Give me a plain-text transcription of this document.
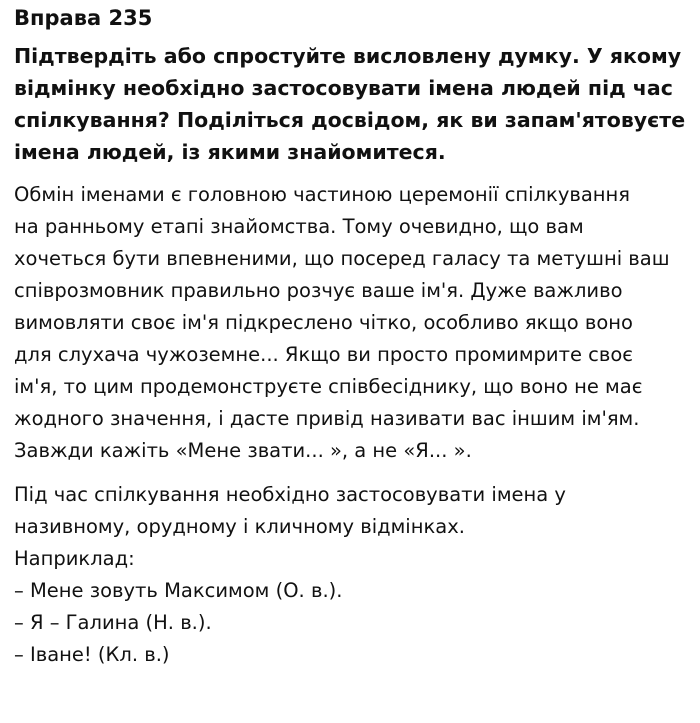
Вправа 235
Підтвердіть або спростуйте висловлену думку. У якому відмінку необхідно застосовувати імена людей під час спілкування? Поділіться досвідом, як ви запам'ятовуєте імена людей, із якими знайомитеся.

Обмін іменами є головною частиною церемонії спілкування
на ранньому етапі знайомства. Тому очевидно, що вам
хочеться бути впевненими, що посеред галасу та метушні ваш
співрозмовник правильно розчує ваше ім'я. Дуже важливо
вимовляти своє ім'я підкреслено чітко, особливо якщо воно
для слухача чужоземне... Якщо ви просто промимрите своє
ім'я, то цим продемонструєте співбесіднику, що воно не має
жодного значення, і дасте привід називати вас іншим ім'ям.
Завжди кажіть «Мене звати... », а не «Я... ».

Під час спілкування необхідно застосовувати імена у
називному, орудному і кличному відмінках.
Наприклад:
– Мене зовуть Максимом (О. в.).
– Я – Галина (Н. в.).
– Іване! (Кл. в.)
